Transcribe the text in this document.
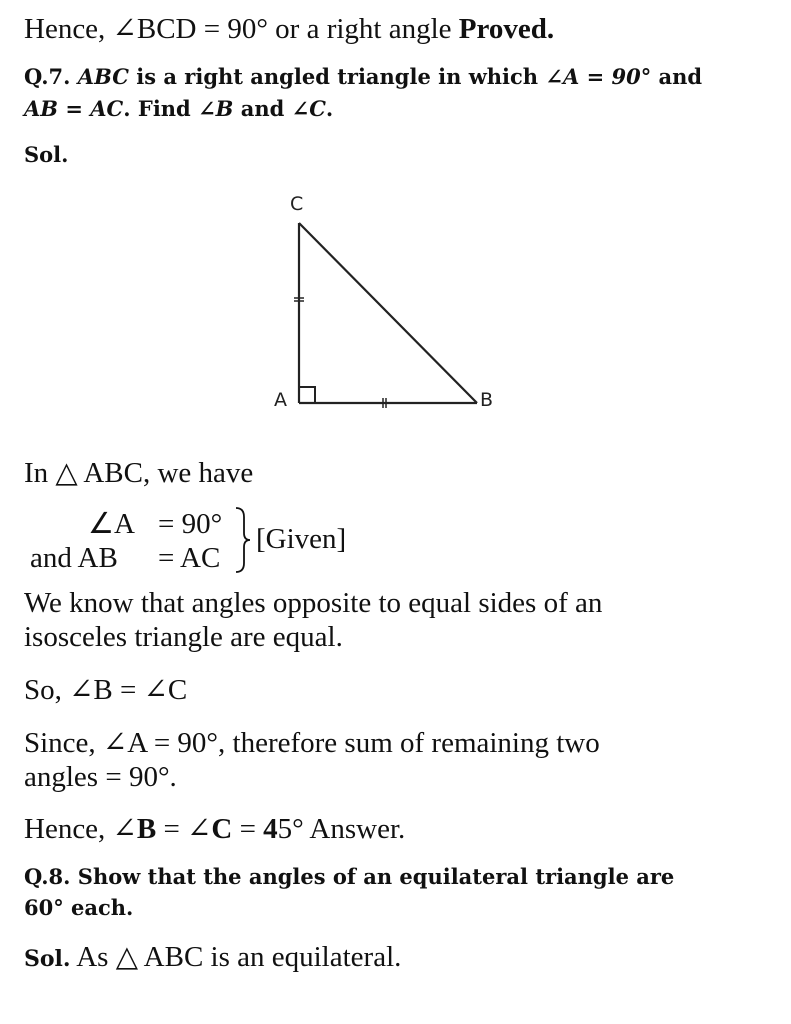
Hence, ∠BCD = 90° or a right angle Proved.

Q.7. ABC is a right angled triangle in which ∠A = 90° and

AB = AC. Find ∠B and ∠C.

Sol.

C
A	B

In △ ABC, we have

∠A = 90°
and AB = AC
[Given]

We know that angles opposite to equal sides of an

isosceles triangle are equal.

So, ∠B = ∠C

Since, ∠A = 90°, therefore sum of remaining two

angles = 90°.

Hence, ∠B = ∠C = 45° Answer.

Q.8. Show that the angles of an equilateral triangle are

60° each.

Sol. As △ ABC is an equilateral.
